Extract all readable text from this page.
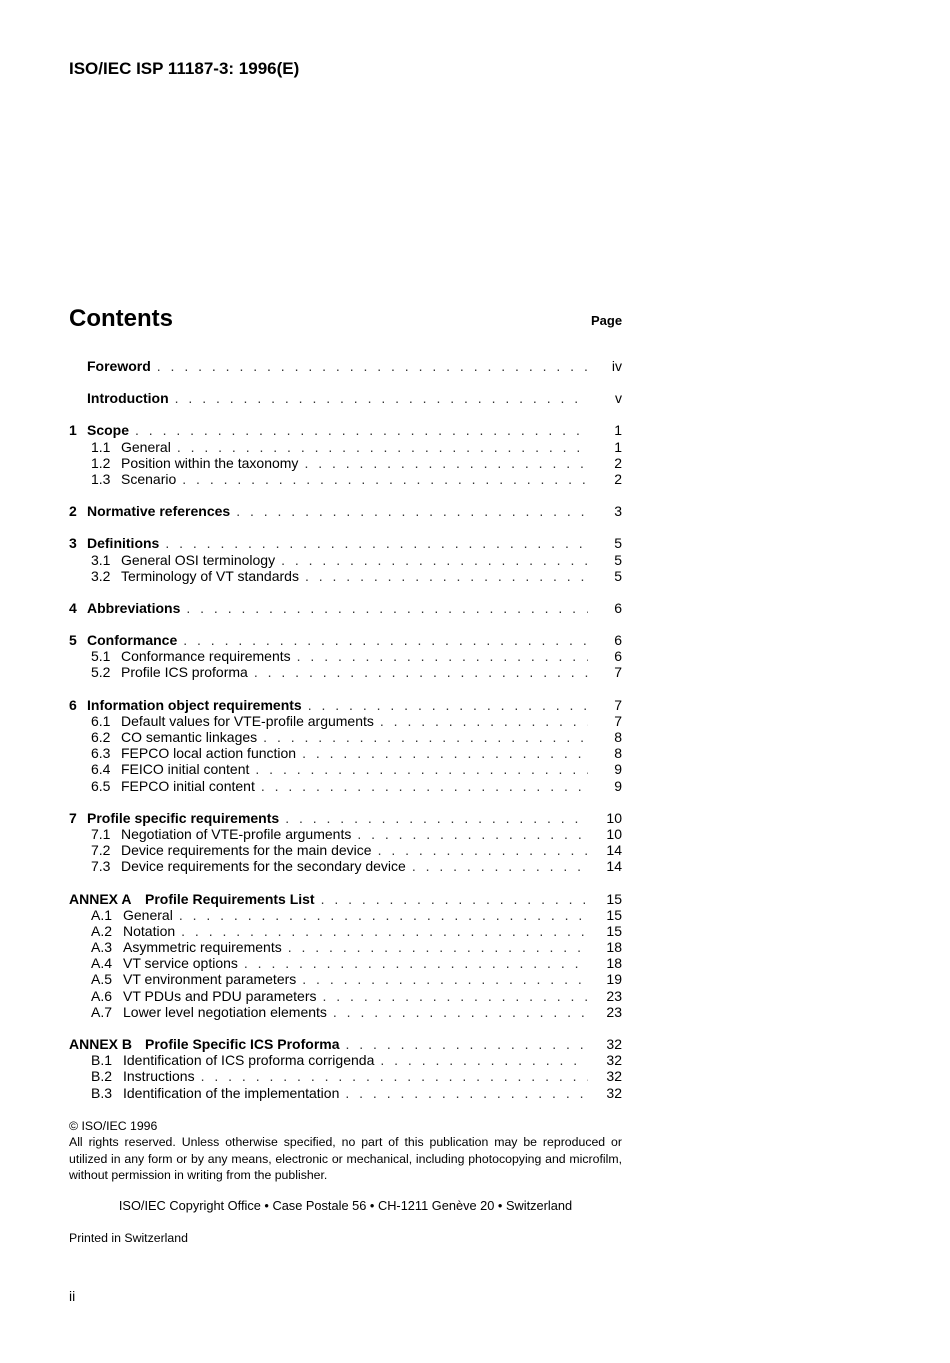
ISO/IEC ISP 11187-3: 1996(E)
Contents	Page
Foreword . . .	iv
Introduction . . .	v
1 Scope . . .	1
1.1 General . . .	1
1.2 Position within the taxonomy . . .	2
1.3 Scenario . . .	2
2 Normative references . . .	3
3 Definitions . . .	5
3.1 General OSI terminology . . .	5
3.2 Terminology of VT standards . . .	5
4 Abbreviations . . .	6
5 Conformance . . .	6
5.1 Conformance requirements . . .	6
5.2 Profile ICS proforma . . .	7
6 Information object requirements . . .	7
6.1 Default values for VTE-profile arguments . . .	7
6.2 CO semantic linkages . . .	8
6.3 FEPCO local action function . . .	8
6.4 FEICO initial content . . .	9
6.5 FEPCO initial content . . .	9
7 Profile specific requirements . . .	10
7.1 Negotiation of VTE-profile arguments . . .	10
7.2 Device requirements for the main device . . .	14
7.3 Device requirements for the secondary device . . .	14
ANNEX A Profile Requirements List . . .	15
A.1 General . . .	15
A.2 Notation . . .	15
A.3 Asymmetric requirements . . .	18
A.4 VT service options . . .	18
A.5 VT environment parameters . . .	19
A.6 VT PDUs and PDU parameters . . .	23
A.7 Lower level negotiation elements . . .	23
ANNEX B Profile Specific ICS Proforma . . .	32
B.1 Identification of ICS proforma corrigenda . . .	32
B.2 Instructions . . .	32
B.3 Identification of the implementation . . .	32

© ISO/IEC 1996

All rights reserved. Unless otherwise specified, no part of this publication may be reproduced or utilized in any form or by any means, electronic or mechanical, including photocopying and microfilm, without permission in writing from the publisher.

ISO/IEC Copyright Office • Case Postale 56 • CH-1211 Genève 20 • Switzerland
Printed in Switzerland
ii
